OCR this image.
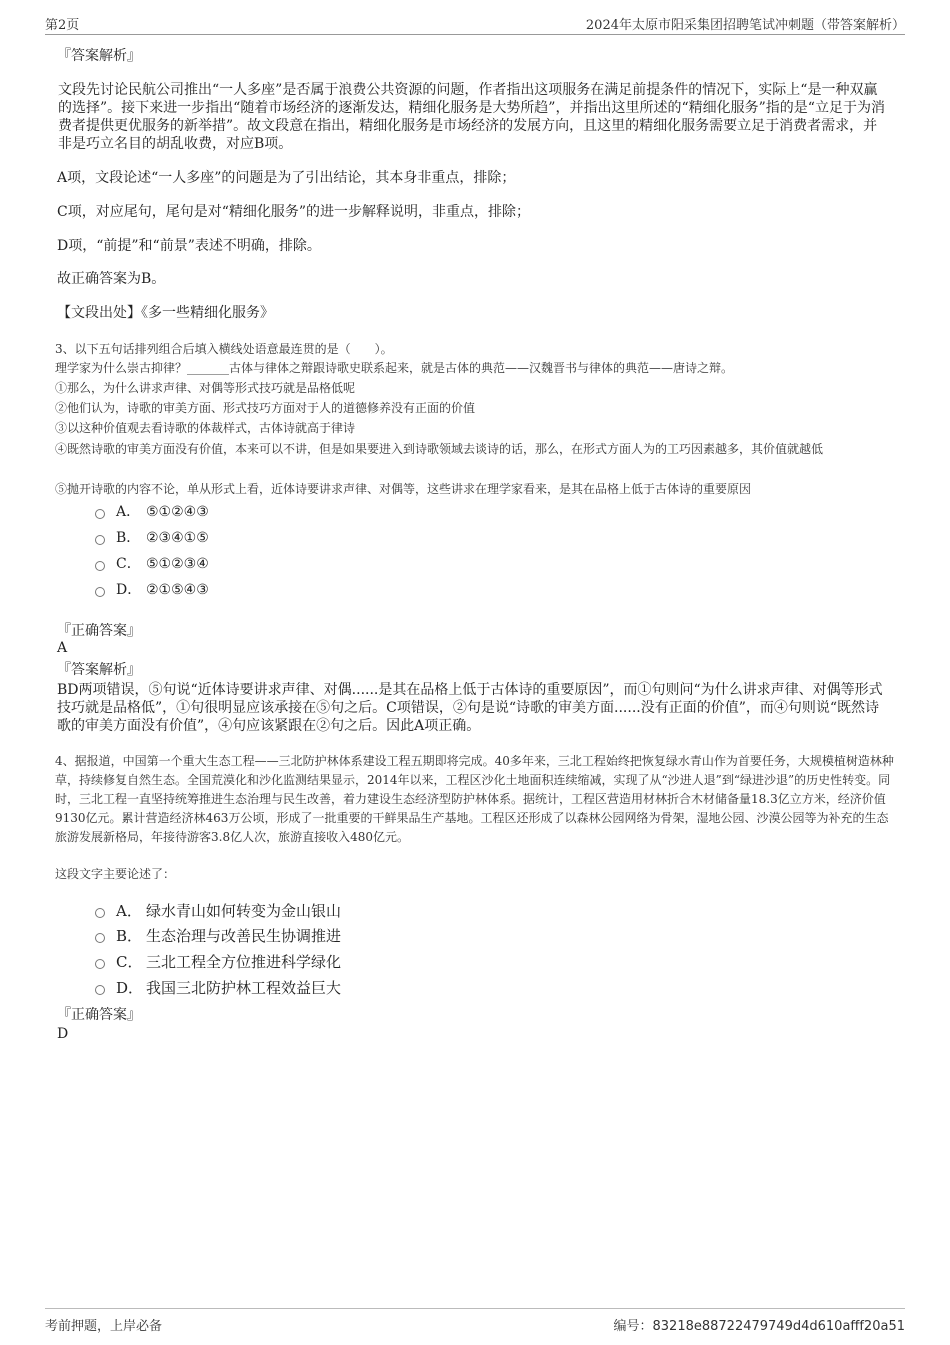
第2页	2024年太原市阳采集团招聘笔试冲刺题（带答案解析）

『答案解析』

文段先讨论民航公司推出“一人多座”是否属于浪费公共资源的问题，作者指出这项服务在满足前提条件的情况下，实际上“是一种双赢的选择”。接下来进一步指出“随着市场经济的逐渐发达，精细化服务是大势所趋”，并指出这里所述的“精细化服务”指的是“立足于为消费者提供更优服务的新举措”。故文段意在指出，精细化服务是市场经济的发展方向，且这里的精细化服务需要立足于消费者需求，并非是巧立名目的胡乱收费，对应B项。

A项，文段论述“一人多座”的问题是为了引出结论，其本身非重点，排除；

C项，对应尾句，尾句是对“精细化服务”的进一步解释说明，非重点，排除；

D项，“前提”和“前景”表述不明确，排除。

故正确答案为B。

【文段出处】《多一些精细化服务》

3、以下五句话排列组合后填入横线处语意最连贯的是（　　）。

理学家为什么崇古抑律？_______古体与律体之辩跟诗歌史联系起来，就是古体的典范——汉魏晋书与律体的典范——唐诗之辩。

①那么，为什么讲求声律、对偶等形式技巧就是品格低呢

②他们认为，诗歌的审美方面、形式技巧方面对于人的道德修养没有正面的价值

③以这种价值观去看诗歌的体裁样式，古体诗就高于律诗

④既然诗歌的审美方面没有价值，本来可以不讲，但是如果要进入到诗歌领域去谈诗的话，那么，在形式方面人为的工巧因素越多，其价值就越低

⑤抛开诗歌的内容不论，单从形式上看，近体诗要讲求声律、对偶等，这些讲求在理学家看来，是其在品格上低于古体诗的重要原因

A． ⑤①②④③
B． ②③④①⑤
C． ⑤①②③④
D． ②①⑤④③

『正确答案』

A

『答案解析』

BD两项错误，⑤句说“近体诗要讲求声律、对偶......是其在品格上低于古体诗的重要原因”，而①句则问“为什么讲求声律、对偶等形式技巧就是品格低”，①句很明显应该承接在⑤句之后。C项错误，②句是说“诗歌的审美方面......没有正面的价值”，而④句则说“既然诗歌的审美方面没有价值”，④句应该紧跟在②句之后。因此A项正确。

4、据报道，中国第一个重大生态工程——三北防护林体系建设工程五期即将完成。40多年来，三北工程始终把恢复绿水青山作为首要任务，大规模植树造林种草，持续修复自然生态。全国荒漠化和沙化监测结果显示，2014年以来，工程区沙化土地面积连续缩减，实现了从“沙进人退”到“绿进沙退”的历史性转变。同时，三北工程一直坚持统筹推进生态治理与民生改善，着力建设生态经济型防护林体系。据统计，工程区营造用材林折合木材储备量18.3亿立方米，经济价值9130亿元。累计营造经济林463万公顷，形成了一批重要的干鲜果品生产基地。工程区还形成了以森林公园网络为骨架，湿地公园、沙漠公园等为补充的生态旅游发展新格局，年接待游客3.8亿人次，旅游直接收入480亿元。

这段文字主要论述了：

A． 绿水青山如何转变为金山银山
B． 生态治理与改善民生协调推进
C． 三北工程全方位推进科学绿化
D． 我国三北防护林工程效益巨大

『正确答案』

D

考前押题，上岸必备	编号：83218e88722479749d4d610afff20a51
